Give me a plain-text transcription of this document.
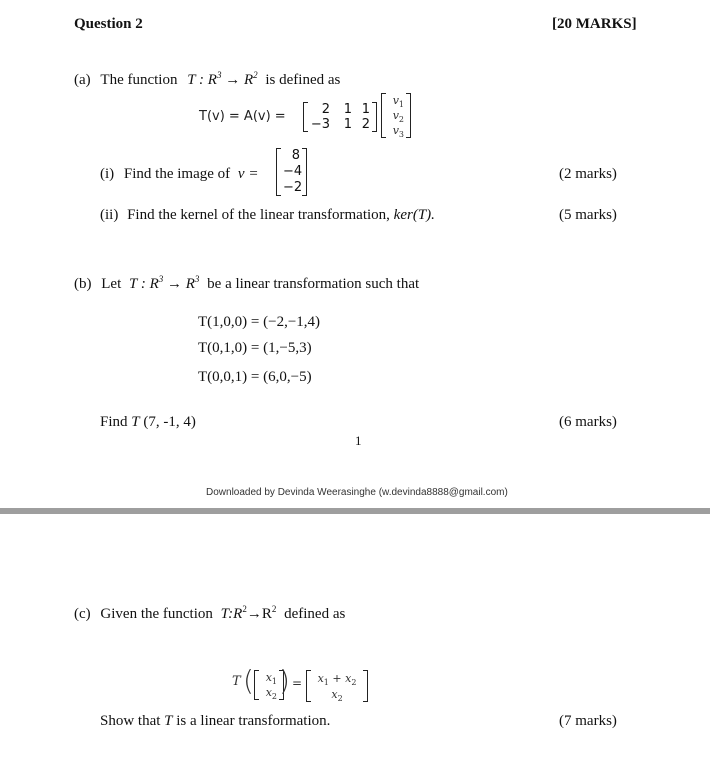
Question 2	[20 MARKS]
(a) The function T : $R^3 \to R^2$ is defined as
T(v) = A(v) =	2	1 1
−3	1 2
$v_1$
$v_2$
$v_3$
(i) Find the image of v =
8
−4
−2
(2 marks)
(ii) Find the kernel of the linear transformation, ker(T).	(5 marks)
(b) Let T : $R^3 \to R^3$ be a linear transformation such that
T(1,0,0) = (−2,−1,4)
T(0,1,0) = (1,−5,3)
T(0,0,1) = (6,0,−5)
Find T (7, -1, 4)	(6 marks)
1
Downloaded by Devinda Weerasinghe (w.devinda8888@gmail.com)
(c) Given the function $T:R^2\to R^2$ defined as
T (	$x_1$
$x_2$ ) =	$x_1 + x_2$
$x_2$
Show that T is a linear transformation.	(7 marks)
